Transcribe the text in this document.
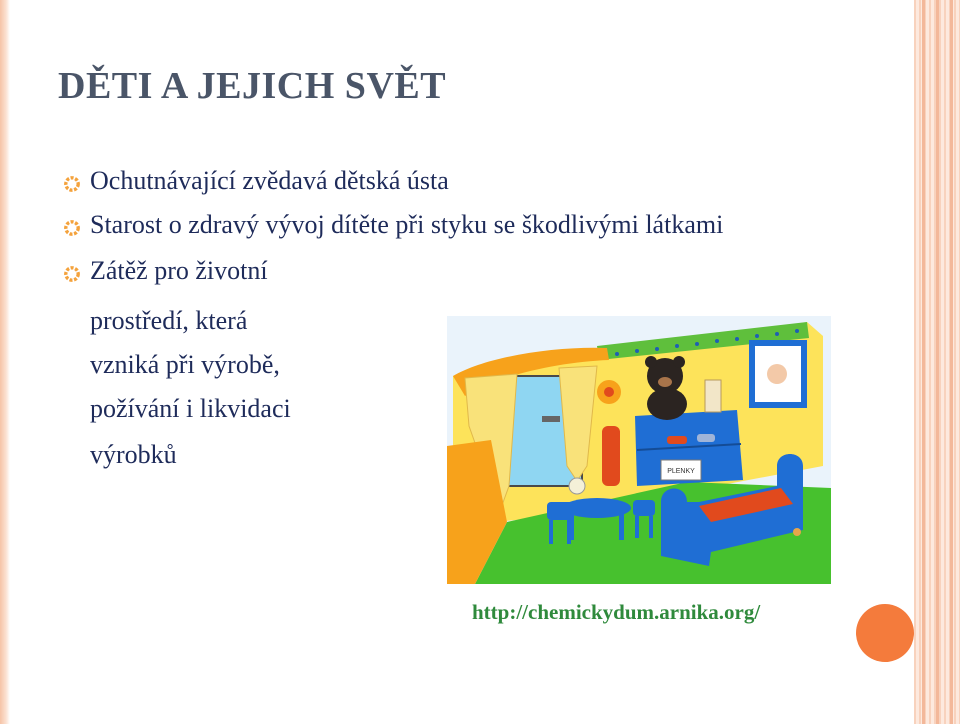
DĚTI A JEJICH SVĚT
Ochutnávající zvědavá dětská ústa
Starost o zdravý vývoj dítěte při styku se škodlivými látkami
Zátěž pro životní
prostředí, která
vzniká při výrobě,
požívání i likvidaci
výrobků
PLENKY
http://chemickydum.arnika.org/
